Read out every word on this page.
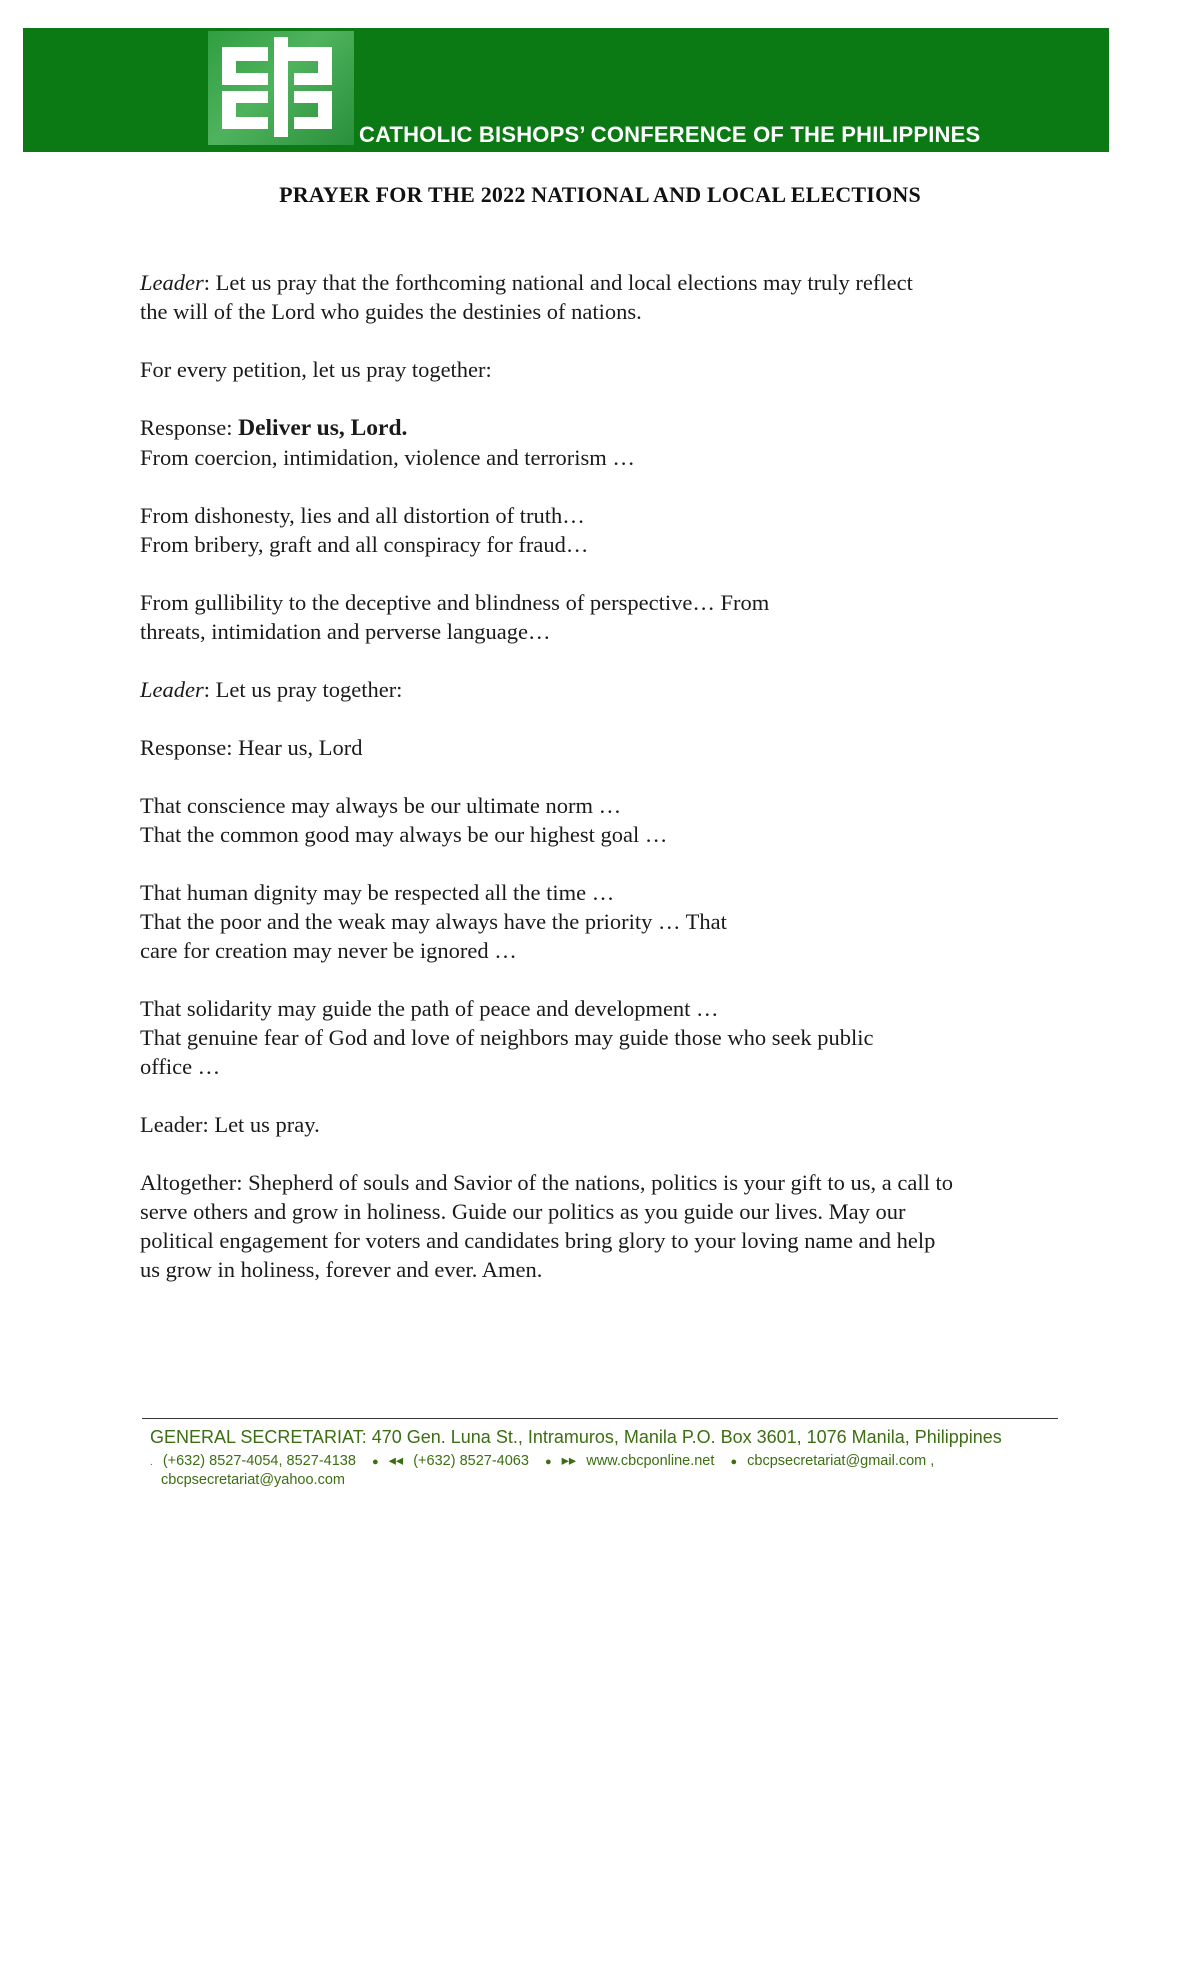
CATHOLIC BISHOPS’ CONFERENCE OF THE PHILIPPINES
PRAYER FOR THE 2022 NATIONAL AND LOCAL ELECTIONS

Leader: Let us pray that the forthcoming national and local elections may truly reflect
the will of the Lord who guides the destinies of nations.

For every petition, let us pray together:

Response: Deliver us, Lord.
From coercion, intimidation, violence and terrorism …

From dishonesty, lies and all distortion of truth…
From bribery, graft and all conspiracy for fraud…

From gullibility to the deceptive and blindness of perspective… From
threats, intimidation and perverse language…

Leader: Let us pray together:

Response: Hear us, Lord

That conscience may always be our ultimate norm …
That the common good may always be our highest goal …

That human dignity may be respected all the time …
That the poor and the weak may always have the priority … That
care for creation may never be ignored …

That solidarity may guide the path of peace and development …
That genuine fear of God and love of neighbors may guide those who seek public
office …

Leader: Let us pray.

Altogether: Shepherd of souls and Savior of the nations, politics is your gift to us, a call to
serve others and grow in holiness. Guide our politics as you guide our lives. May our
political engagement for voters and candidates bring glory to your loving name and help
us grow in holiness, forever and ever. Amen.

GENERAL SECRETARIAT: 470 Gen. Luna St., Intramuros, Manila P.O. Box 3601, 1076 Manila, Philippines
. (+632) 8527-4054, 8527-4138 ● ◂◂ (+632) 8527-4063 ● ▸▸ www.cbcponline.net ● cbcpsecretariat@gmail.com ,
cbcpsecretariat@yahoo.com
